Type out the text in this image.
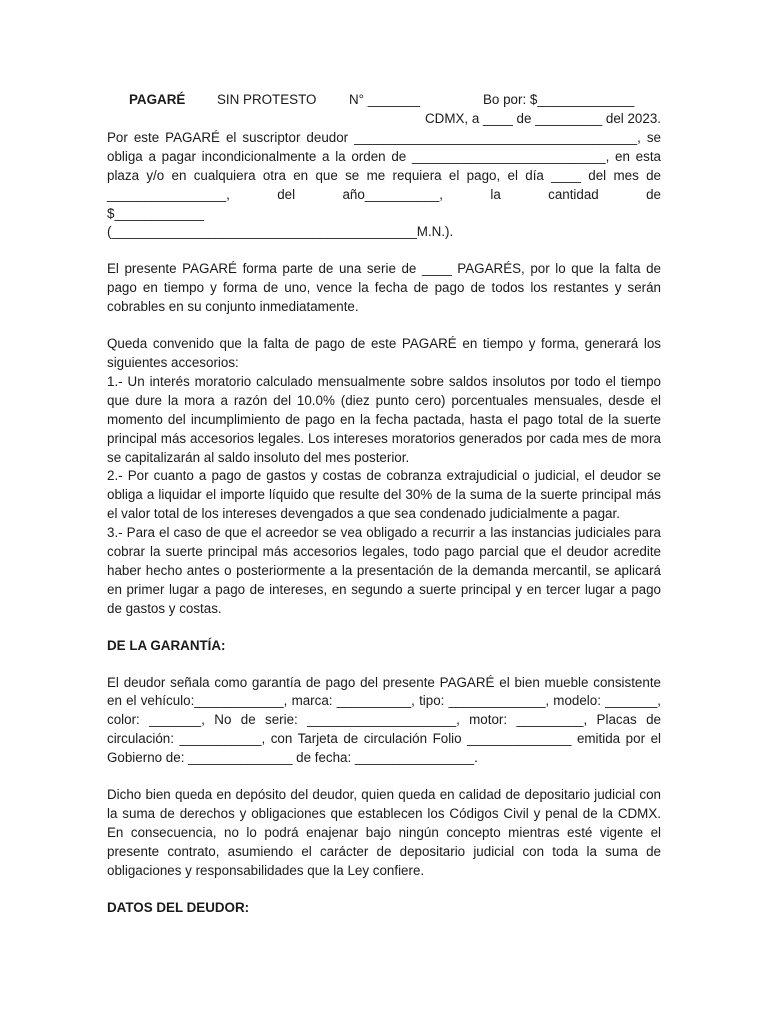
PAGARÉ SIN PROTESTO N° _______	Bo por: $_____________
CDMX, a ____ de _________ del 2023.
Por este PAGARÉ el suscriptor deudor ______________________________________, se
obliga a pagar incondicionalmente a la orden de __________________________, en esta
plaza y/o en cualquiera otra en que se me requiera el pago, el día ____ del mes de
________________, del año__________, la cantidad de $____________
(_________________________________________M.N.).

El presente PAGARÉ forma parte de una serie de ____ PAGARÉS, por lo que la falta de pago en tiempo y forma de uno, vence la fecha de pago de todos los restantes y serán cobrables en su conjunto inmediatamente.

Queda convenido que la falta de pago de este PAGARÉ en tiempo y forma, generará los siguientes accesorios:

1.- Un interés moratorio calculado mensualmente sobre saldos insolutos por todo el tiempo que dure la mora a razón del 10.0% (diez punto cero) porcentuales mensuales, desde el momento del incumplimiento de pago en la fecha pactada, hasta el pago total de la suerte principal más accesorios legales. Los intereses moratorios generados por cada mes de mora se capitalizarán al saldo insoluto del mes posterior.

2.- Por cuanto a pago de gastos y costas de cobranza extrajudicial o judicial, el deudor se obliga a liquidar el importe líquido que resulte del 30% de la suma de la suerte principal más el valor total de los intereses devengados a que sea condenado judicialmente a pagar.

3.- Para el caso de que el acreedor se vea obligado a recurrir a las instancias judiciales para cobrar la suerte principal más accesorios legales, todo pago parcial que el deudor acredite haber hecho antes o posteriormente a la presentación de la demanda mercantil, se aplicará en primer lugar a pago de intereses, en segundo a suerte principal y en tercer lugar a pago de gastos y costas.

DE LA GARANTÍA:

El deudor señala como garantía de pago del presente PAGARÉ el bien mueble consistente en el vehículo:____________, marca: __________, tipo: _____________, modelo: _______, color: _______, No de serie: ____________________, motor: _________, Placas de circulación: ___________, con Tarjeta de circulación Folio ______________ emitida por el Gobierno de: ______________ de fecha: ________________.

Dicho bien queda en depósito del deudor, quien queda en calidad de depositario judicial con la suma de derechos y obligaciones que establecen los Códigos Civil y penal de la CDMX. En consecuencia, no lo podrá enajenar bajo ningún concepto mientras esté vigente el presente contrato, asumiendo el carácter de depositario judicial con toda la suma de obligaciones y responsabilidades que la Ley confiere.

DATOS DEL DEUDOR:
